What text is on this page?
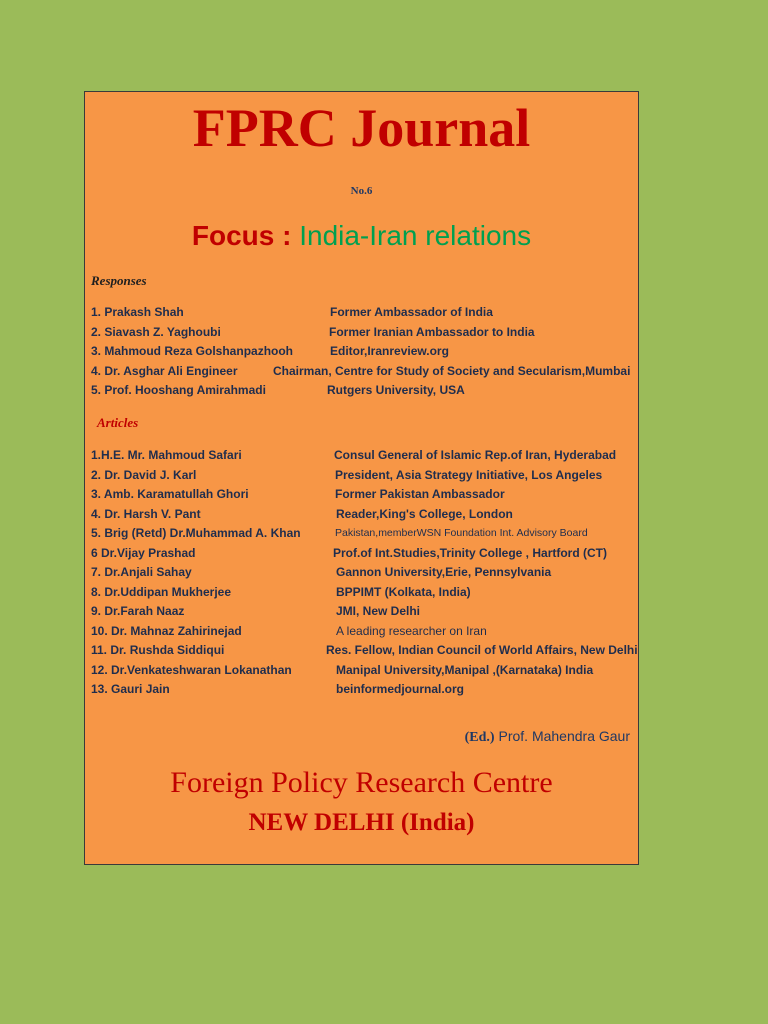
FPRC Journal
No.6
Focus : India-Iran relations
Responses
1. Prakash Shah	Former Ambassador of India
2. Siavash Z. Yaghoubi	Former Iranian Ambassador to India
3. Mahmoud Reza Golshanpazhooh	Editor,Iranreview.org
4. Dr. Asghar Ali Engineer	Chairman, Centre for Study of Society and Secularism,Mumbai
5. Prof. Hooshang Amirahmadi	Rutgers University, USA
Articles
1.H.E. Mr. Mahmoud Safari	Consul General of Islamic Rep.of Iran, Hyderabad
2. Dr. David J. Karl	President, Asia Strategy Initiative, Los Angeles
3. Amb. Karamatullah Ghori	Former Pakistan Ambassador
4. Dr. Harsh V. Pant	Reader,King's College, London
5. Brig (Retd) Dr.Muhammad A. Khan	Pakistan,memberWSN Foundation Int. Advisory Board
6 Dr.Vijay Prashad	Prof.of Int.Studies,Trinity College , Hartford (CT)
7. Dr.Anjali Sahay	Gannon University,Erie, Pennsylvania
8. Dr.Uddipan Mukherjee	BPPIMT (Kolkata, India)
9. Dr.Farah Naaz	JMI, New Delhi
10. Dr. Mahnaz Zahirinejad	A leading researcher on Iran
11. Dr. Rushda Siddiqui	Res. Fellow, Indian Council of World Affairs, New Delhi
12. Dr.Venkateshwaran Lokanathan	Manipal University,Manipal ,(Karnataka) India
13. Gauri Jain	beinformedjournal.org
(Ed.) Prof. Mahendra Gaur
Foreign Policy Research Centre
NEW DELHI (India)
